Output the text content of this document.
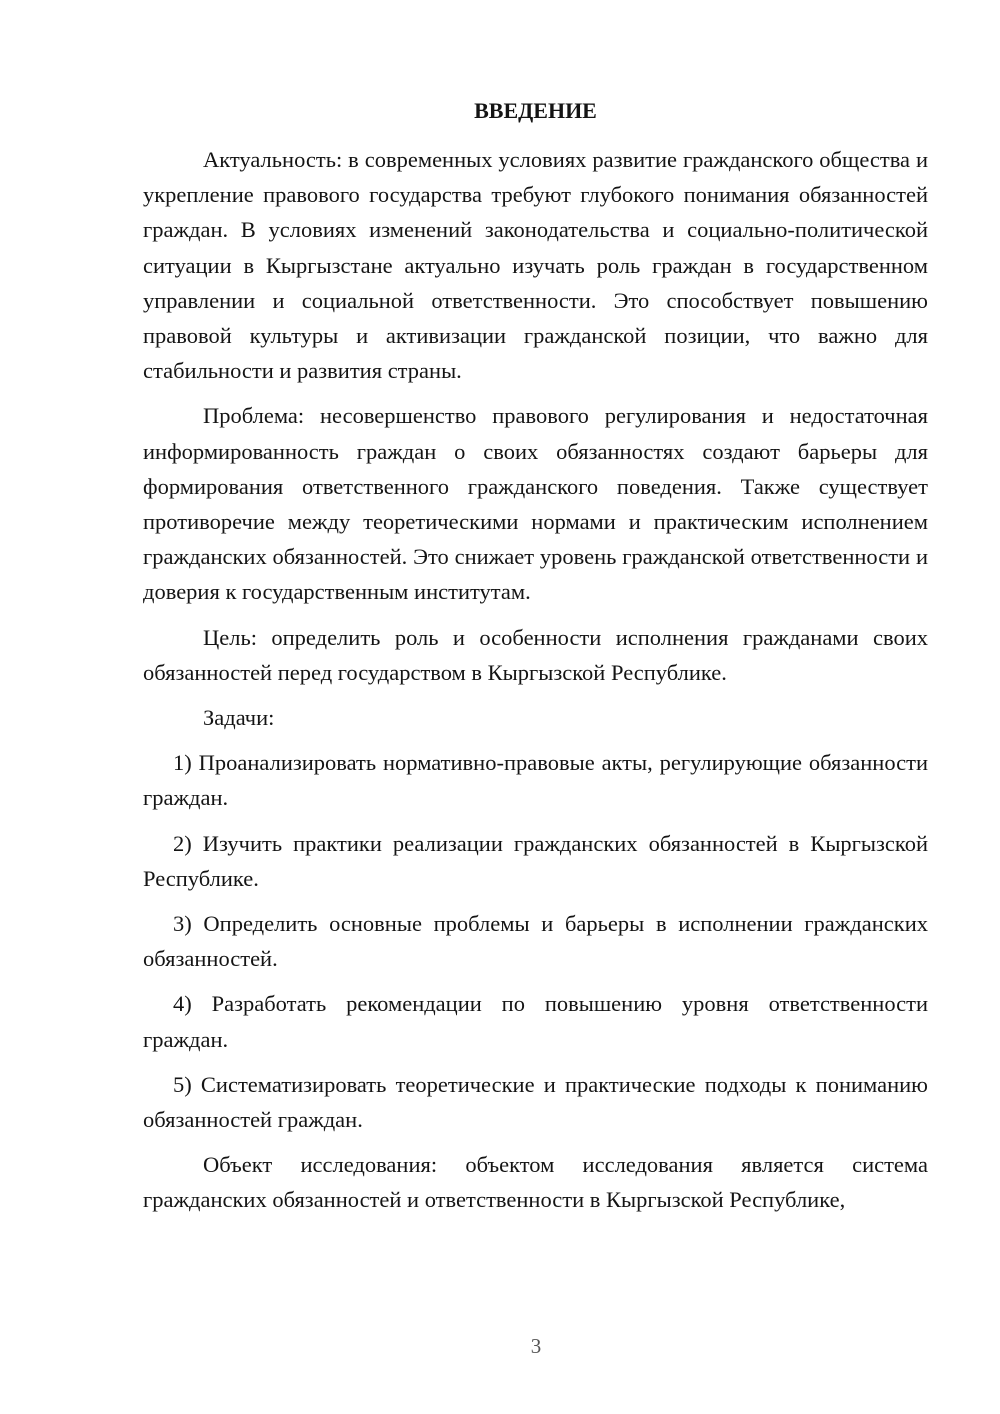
ВВЕДЕНИЕ

Актуальность: в современных условиях развитие гражданского общества и укрепление правового государства требуют глубокого понимания обязанностей граждан. В условиях изменений законодательства и социально-политической ситуации в Кыргызстане актуально изучать роль граждан в государственном управлении и социальной ответственности. Это способствует повышению правовой культуры и активизации гражданской позиции, что важно для стабильности и развития страны.

Проблема: несовершенство правового регулирования и недостаточная информированность граждан о своих обязанностях создают барьеры для формирования ответственного гражданского поведения. Также существует противоречие между теоретическими нормами и практическим исполнением гражданских обязанностей. Это снижает уровень гражданской ответственности и доверия к государственным институтам.

Цель: определить роль и особенности исполнения гражданами своих обязанностей перед государством в Кыргызской Республике.

Задачи:

1) Проанализировать нормативно-правовые акты, регулирующие обязанности граждан.

2) Изучить практики реализации гражданских обязанностей в Кыргызской Республике.

3) Определить основные проблемы и барьеры в исполнении гражданских обязанностей.

4) Разработать рекомендации по повышению уровня ответственности граждан.

5) Систематизировать теоретические и практические подходы к пониманию обязанностей граждан.

Объект исследования: объектом исследования является система гражданских обязанностей и ответственности в Кыргызской Республике,

3
